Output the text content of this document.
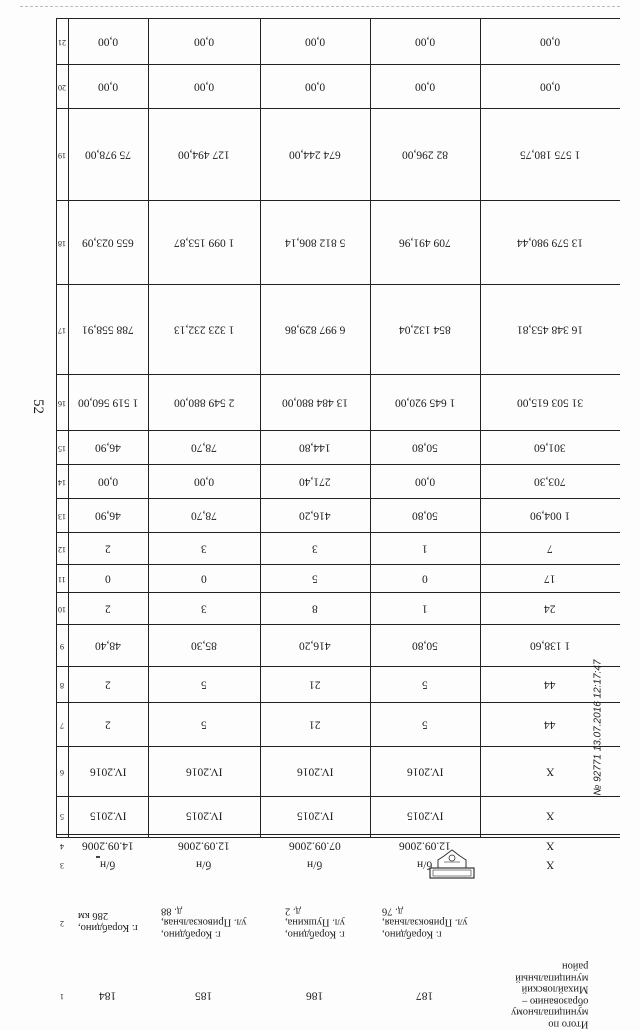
52
1
2
3
4
5
6
7
8
9
10
11
12
13
14
15
16
17
18
19
20
21
184
г. Корабдино,
286 км
б/н
14.09.2006
IV.2015
IV.2016
2
2
48,40
2
0
2
46,90
0,00
46,90
1 519 560,00
788 558,91
655 023,09
75 978,00
0,00
0,00
185
г. Корабдино,
ул. Привокзальная,
д. 88
б/н
12.09.2006
IV.2015
IV.2016
5
5
85,30
3
0
3
78,70
0,00
78,70
2 549 880,00
1 323 232,13
1 099 153,87
127 494,00
0,00
0,00
186
г. Корабдино,
ул. Пушкина,
д. 2
б/н
07.09.2006
IV.2015
IV.2016
21
21
416,20
8
5
3
416,20
271,40
144,80
13 484 880,00
6 997 829,86
5 812 806,14
674 244,00
0,00
0,00
187
г. Корабдино,
ул. Привокзальная,
д. 76
б/н
12.09.2006
IV.2015
IV.2016
5
5
50,80
1
0
1
50,80
0,00
50,80
1 645 920,00
854 132,04
709 491,96
82 296,00
0,00
0,00
Итого по
муниципальному
образованию –
Михайловский
муниципальный
район
X
X
X
X
44
44
1 138,60
24
17
7
1 004,90
703,30
301,60
31 503 615,00
16 348 453,81
13 579 980,44
1 575 180,75
0,00
0,00
№ 92771 13.07.2016 12:17:47
